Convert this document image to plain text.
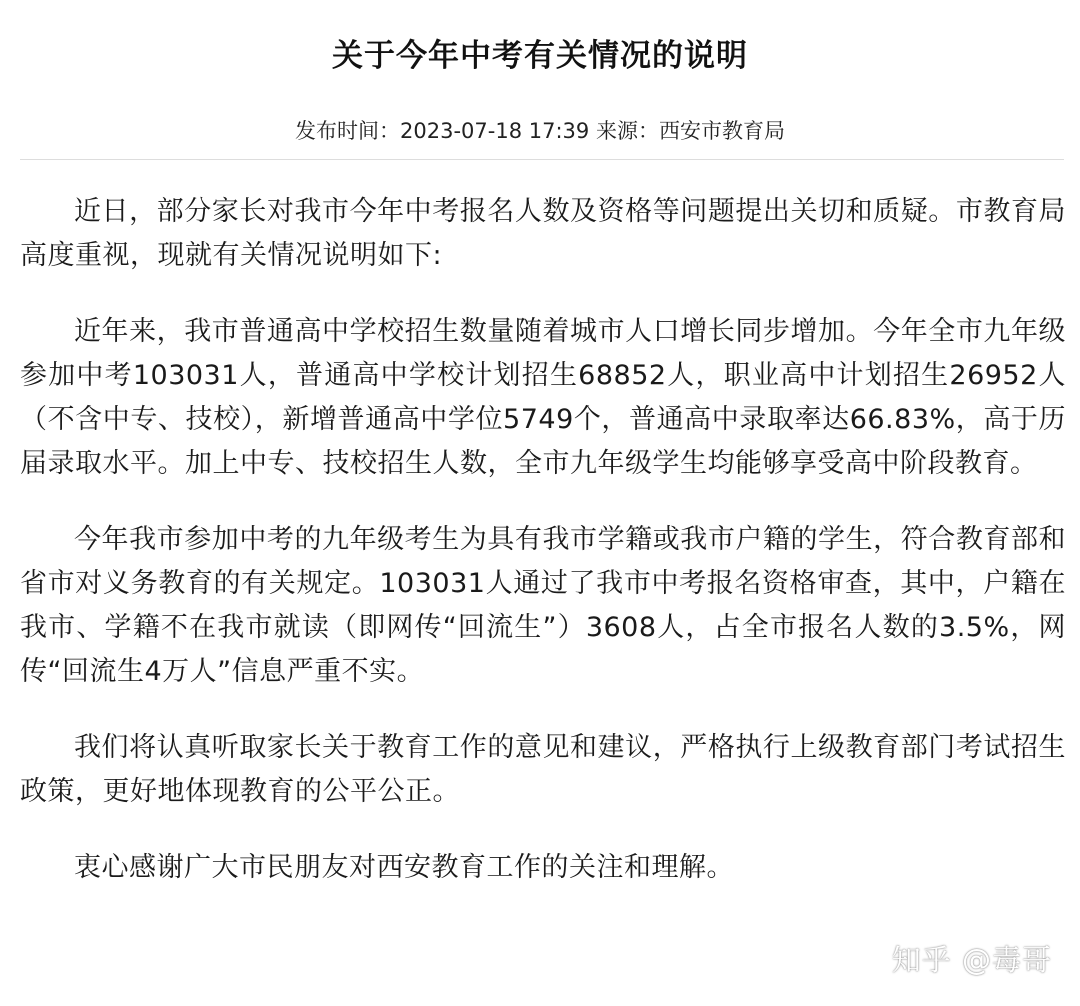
关于今年中考有关情况的说明
发布时间：2023-07-18 17:39 来源：西安市教育局

近日，部分家长对我市今年中考报名人数及资格等问题提出关切和质疑。市教育局高度重视，现就有关情况说明如下:

近年来，我市普通高中学校招生数量随着城市人口增长同步增加。今年全市九年级参加中考103031人，普通高中学校计划招生68852人，职业高中计划招生26952人（不含中专、技校），新增普通高中学位5749个，普通高中录取率达66.83%，高于历届录取水平。加上中专、技校招生人数，全市九年级学生均能够享受高中阶段教育。

今年我市参加中考的九年级考生为具有我市学籍或我市户籍的学生，符合教育部和省市对义务教育的有关规定。103031人通过了我市中考报名资格审查，其中，户籍在我市、学籍不在我市就读（即网传“回流生”）3608人，占全市报名人数的3.5%，网传“回流生4万人”信息严重不实。

我们将认真听取家长关于教育工作的意见和建议，严格执行上级教育部门考试招生政策，更好地体现教育的公平公正。

衷心感谢广大市民朋友对西安教育工作的关注和理解。

知乎 @毒哥
